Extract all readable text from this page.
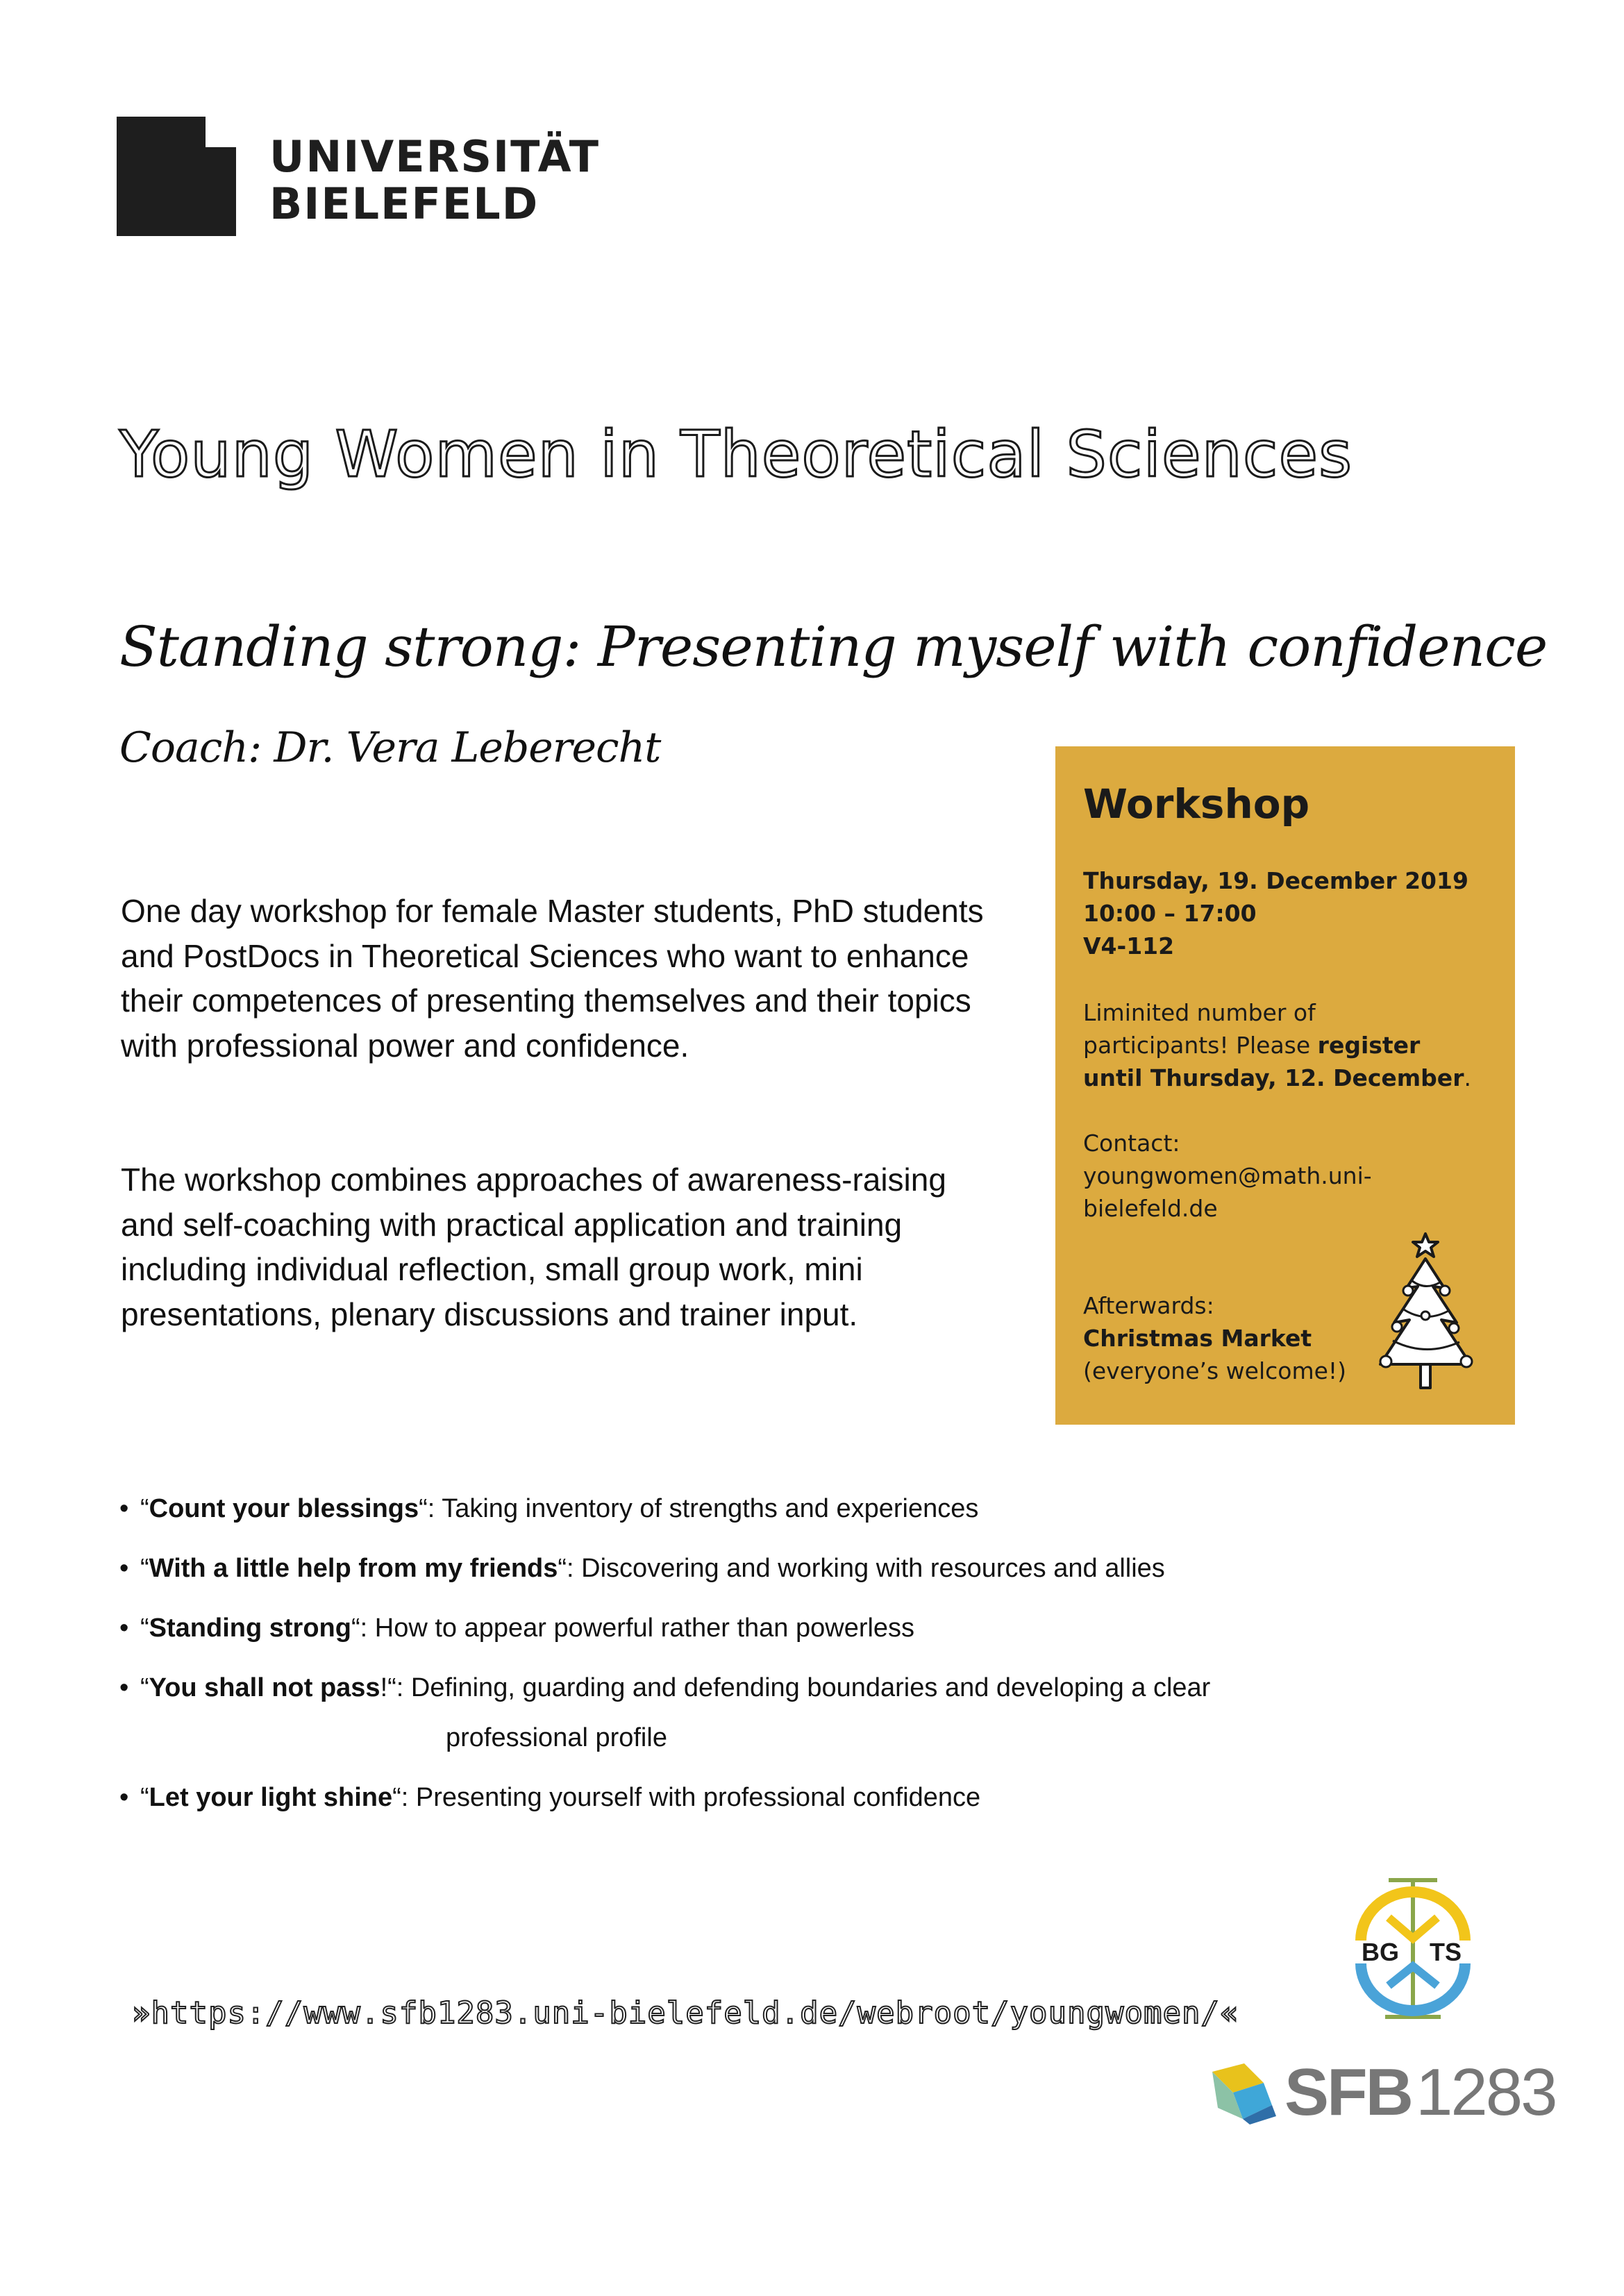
UNIVERSITÄT
BIELEFELD
Young Women in Theoretical Sciences
Standing strong: Presenting myself with confidence
Coach: Dr. Vera Leberecht
One day workshop for female Master students, PhD students and PostDocs in Theoretical Sciences who want to enhance their competences of presenting themselves and their topics with professional power and confidence.
The workshop combines approaches of awareness-raising and self-coaching with practical application and training including individual reflection, small group work, mini presentations, plenary discussions and trainer input.
Workshop
Thursday, 19. December 2019
10:00 – 17:00
V4-112
Liminited number of
participants! Please register
until Thursday, 12. December.
Contact:
youngwomen@math.uni-
bielefeld.de
Afterwards:
Christmas Market
(everyone’s welcome!)
• “Count your blessings“: Taking inventory of strengths and experiences
• “With a little help from my friends“: Discovering and working with resources and allies
• “Standing strong“: How to appear powerful rather than powerless
• “You shall not pass!“: Defining, guarding and defending boundaries and developing a clear
professional profile
• “Let your light shine“: Presenting yourself with professional confidence
»https://www.sfb1283.uni-bielefeld.de/webroot/youngwomen/«
BG TS
SFB1283
